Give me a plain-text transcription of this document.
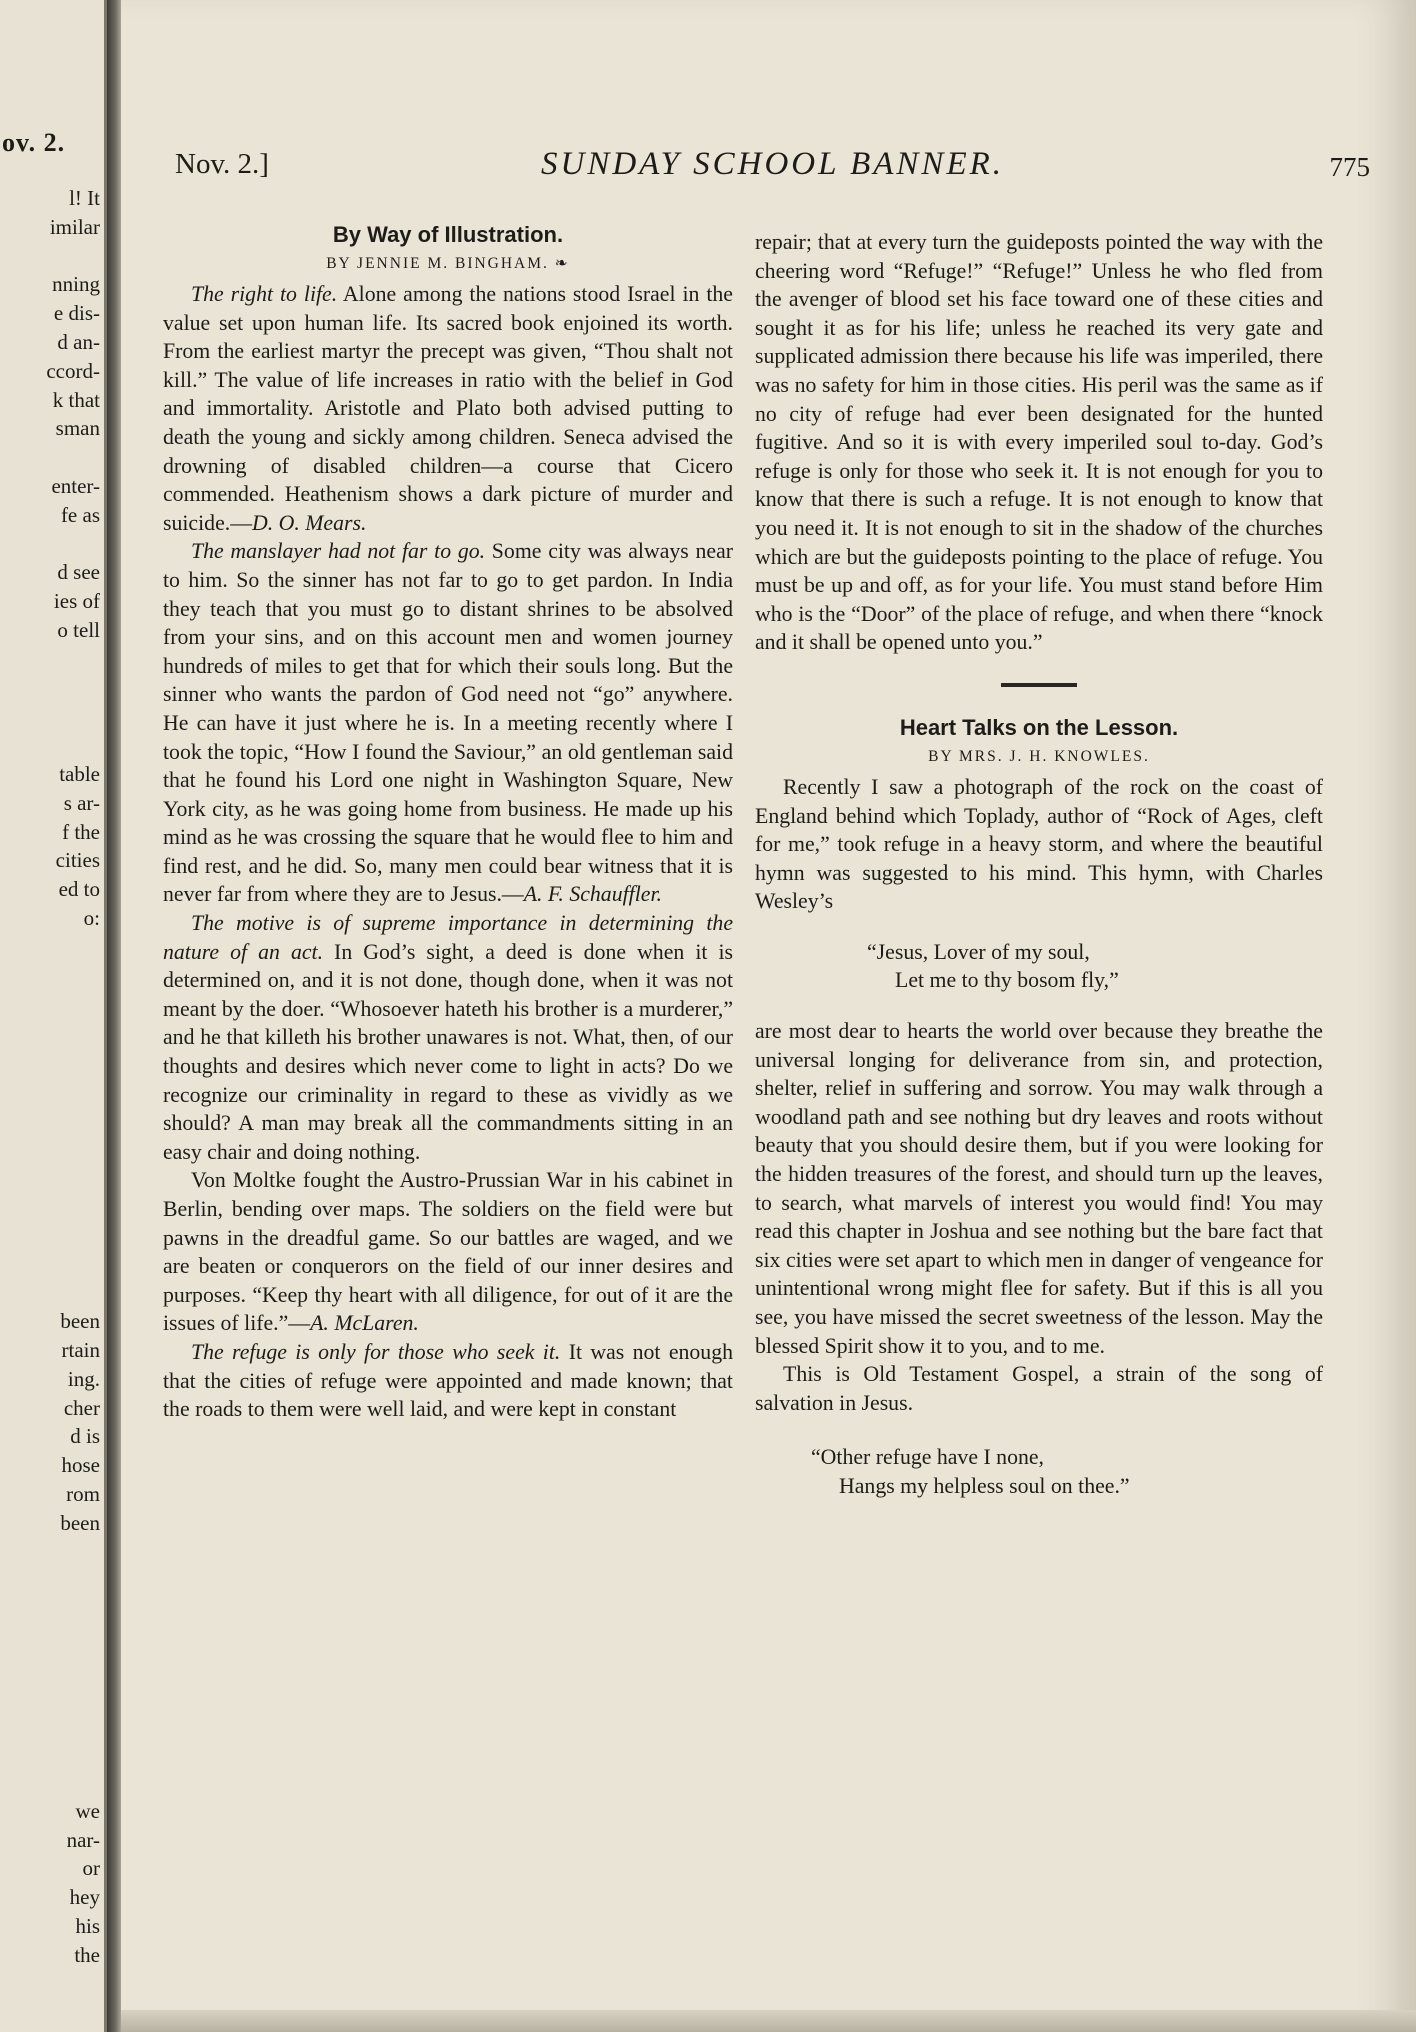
ov. 2.
l! It
imilar
nning
e dis-
d an-
ccord-
k that
sman
enter-
fe as
d see
ies of
o tell
table
s ar-
f the
cities
ed to
o:
been
rtain
ing.
cher
d is
hose
rom
been
we
nar-
or
hey
his
the
Nov. 2.]	SUNDAY SCHOOL BANNER.	775
By Way of Illustration.
BY JENNIE M. BINGHAM. ❧

The right to life. Alone among the nations stood Israel in the value set upon human life. Its sacred book enjoined its worth. From the earliest martyr the precept was given, “Thou shalt not kill.” The value of life increases in ratio with the belief in God and immortality. Aristotle and Plato both advised putting to death the young and sickly among children. Seneca advised the drowning of disabled children—a course that Cicero commended. Heathenism shows a dark picture of murder and suicide.—D. O. Mears.

The manslayer had not far to go. Some city was always near to him. So the sinner has not far to go to get pardon. In India they teach that you must go to distant shrines to be absolved from your sins, and on this account men and women journey hundreds of miles to get that for which their souls long. But the sinner who wants the pardon of God need not “go” anywhere. He can have it just where he is. In a meeting recently where I took the topic, “How I found the Saviour,” an old gentleman said that he found his Lord one night in Washington Square, New York city, as he was going home from business. He made up his mind as he was crossing the square that he would flee to him and find rest, and he did. So, many men could bear witness that it is never far from where they are to Jesus.—A. F. Schauffler.

The motive is of supreme importance in determining the nature of an act. In God’s sight, a deed is done when it is determined on, and it is not done, though done, when it was not meant by the doer. “Whosoever hateth his brother is a murderer,” and he that killeth his brother unawares is not. What, then, of our thoughts and desires which never come to light in acts? Do we recognize our criminality in regard to these as vividly as we should? A man may break all the commandments sitting in an easy chair and doing nothing.

Von Moltke fought the Austro-Prussian War in his cabinet in Berlin, bending over maps. The soldiers on the field were but pawns in the dreadful game. So our battles are waged, and we are beaten or conquerors on the field of our inner desires and purposes. “Keep thy heart with all diligence, for out of it are the issues of life.”—A. McLaren.

The refuge is only for those who seek it. It was not enough that the cities of refuge were appointed and made known; that the roads to them were well laid, and were kept in constant

repair; that at every turn the guideposts pointed the way with the cheering word “Refuge!” “Refuge!” Unless he who fled from the avenger of blood set his face toward one of these cities and sought it as for his life; unless he reached its very gate and supplicated admission there because his life was imperiled, there was no safety for him in those cities. His peril was the same as if no city of refuge had ever been designated for the hunted fugitive. And so it is with every imperiled soul to-day. God’s refuge is only for those who seek it. It is not enough for you to know that there is such a refuge. It is not enough to know that you need it. It is not enough to sit in the shadow of the churches which are but the guideposts pointing to the place of refuge. You must be up and off, as for your life. You must stand before Him who is the “Door” of the place of refuge, and when there “knock and it shall be opened unto you.”

Heart Talks on the Lesson.
BY MRS. J. H. KNOWLES.

Recently I saw a photograph of the rock on the coast of England behind which Toplady, author of “Rock of Ages, cleft for me,” took refuge in a heavy storm, and where the beautiful hymn was suggested to his mind. This hymn, with Charles Wesley’s

“Jesus, Lover of my soul,
Let me to thy bosom fly,”

are most dear to hearts the world over because they breathe the universal longing for deliverance from sin, and protection, shelter, relief in suffering and sorrow. You may walk through a woodland path and see nothing but dry leaves and roots without beauty that you should desire them, but if you were looking for the hidden treasures of the forest, and should turn up the leaves, to search, what marvels of interest you would find! You may read this chapter in Joshua and see nothing but the bare fact that six cities were set apart to which men in danger of vengeance for unintentional wrong might flee for safety. But if this is all you see, you have missed the secret sweetness of the lesson. May the blessed Spirit show it to you, and to me.

This is Old Testament Gospel, a strain of the song of salvation in Jesus.

“Other refuge have I none,
Hangs my helpless soul on thee.”
